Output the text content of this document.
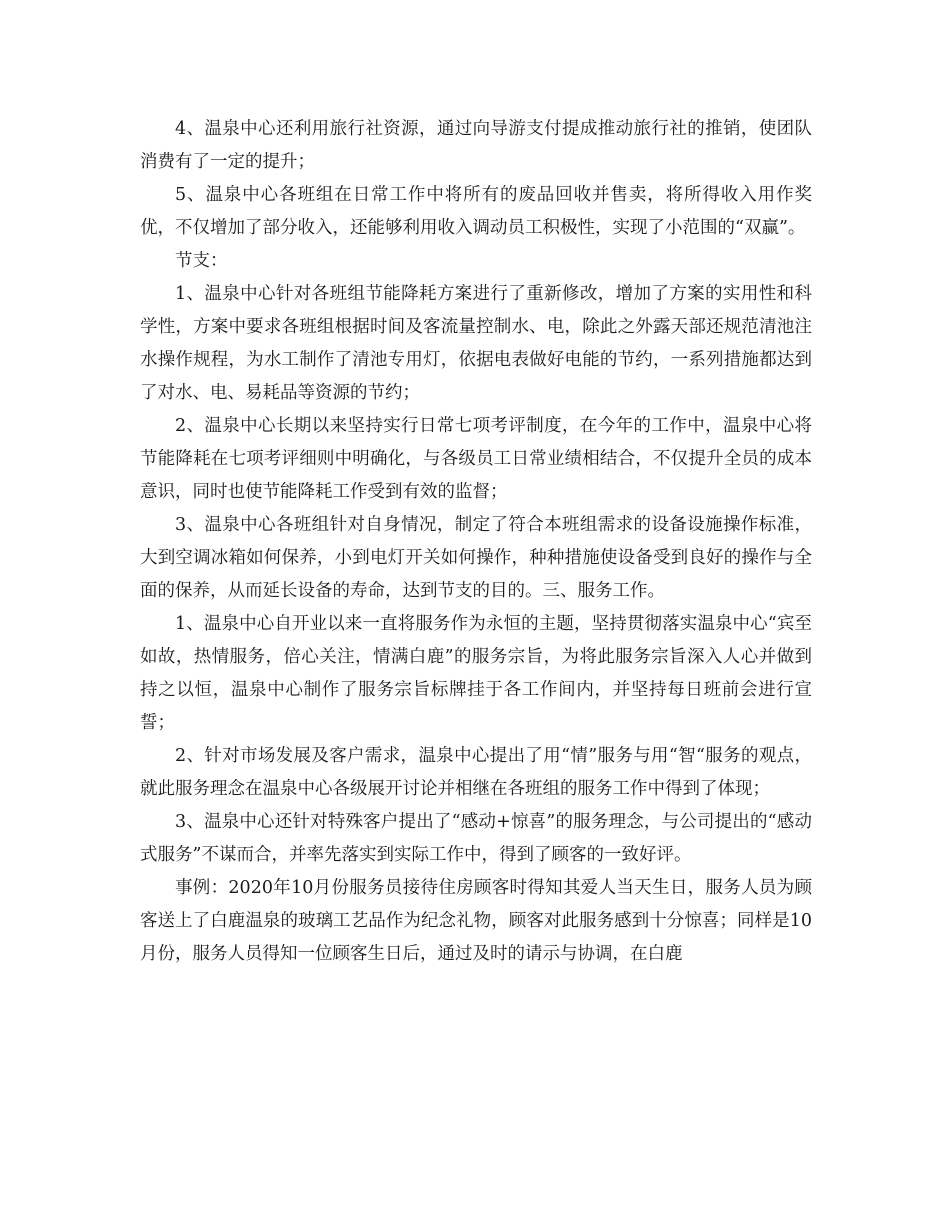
4、温泉中心还利用旅行社资源，通过向导游支付提成推动旅行社的推销，使团队消费有了一定的提升；

5、温泉中心各班组在日常工作中将所有的废品回收并售卖，将所得收入用作奖优，不仅增加了部分收入，还能够利用收入调动员工积极性，实现了小范围的“双赢”。

节支：

1、温泉中心针对各班组节能降耗方案进行了重新修改，增加了方案的实用性和科学性，方案中要求各班组根据时间及客流量控制水、电，除此之外露天部还规范清池注水操作规程，为水工制作了清池专用灯，依据电表做好电能的节约，一系列措施都达到了对水、电、易耗品等资源的节约；

2、温泉中心长期以来坚持实行日常七项考评制度，在今年的工作中，温泉中心将节能降耗在七项考评细则中明确化，与各级员工日常业绩相结合，不仅提升全员的成本意识，同时也使节能降耗工作受到有效的监督；

3、温泉中心各班组针对自身情况，制定了符合本班组需求的设备设施操作标准，大到空调冰箱如何保养，小到电灯开关如何操作，种种措施使设备受到良好的操作与全面的保养，从而延长设备的寿命，达到节支的目的。三、服务工作。

1、温泉中心自开业以来一直将服务作为永恒的主题，坚持贯彻落实温泉中心“宾至如故，热情服务，倍心关注，情满白鹿”的服务宗旨，为将此服务宗旨深入人心并做到持之以恒，温泉中心制作了服务宗旨标牌挂于各工作间内，并坚持每日班前会进行宣誓；

2、针对市场发展及客户需求，温泉中心提出了用“情”服务与用“智“服务的观点，就此服务理念在温泉中心各级展开讨论并相继在各班组的服务工作中得到了体现；

3、温泉中心还针对特殊客户提出了“感动+惊喜”的服务理念，与公司提出的“感动式服务”不谋而合，并率先落实到实际工作中，得到了顾客的一致好评。

事例：2020年10月份服务员接待住房顾客时得知其爱人当天生日，服务人员为顾客送上了白鹿温泉的玻璃工艺品作为纪念礼物，顾客对此服务感到十分惊喜；同样是10月份，服务人员得知一位顾客生日后，通过及时的请示与协调，在白鹿
